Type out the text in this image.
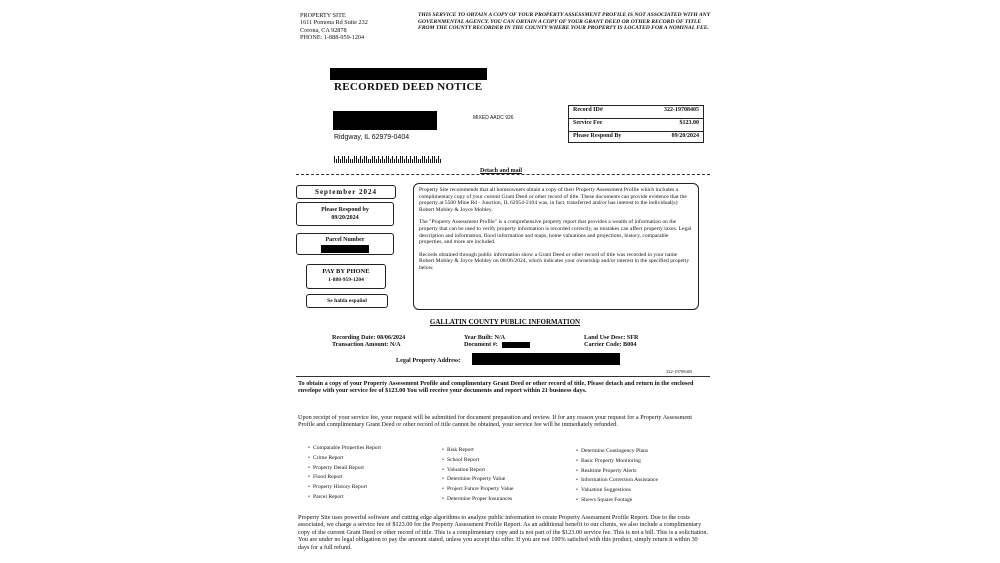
PROPERTY SITE
1611 Pomona Rd Suite 232
Corona, CA 92878
PHONE: 1-888-959-1204
THIS SERVICE TO OBTAIN A COPY OF YOUR PROPERTY ASSESSMENT PROFILE IS NOT ASSOCIATED WITH ANY GOVERNMENTAL AGENCY. YOU CAN OBTAIN A COPY OF YOUR GRANT DEED OR OTHER RECORD OF TITLE FROM THE COUNTY RECORDER IN THE COUNTY WHERE YOUR PROPERTY IS LOCATED FOR A NOMINAL FEE.
RECORDED DEED NOTICE
MIXED AADC 926
Ridgway, IL 62979-0404
Record ID#	322-19708405
Service Fee	$123.00
Please Respond By	09/20/2024
Detach and mail
September 2024
Please Respond by
09/20/2024
Parcel Number
PAY BY PHONE
1-888-959-1204
Se habla español

Property Site recommends that all homeowners obtain a copy of their Property Assessment Profile which includes a complimentary copy of your current Grant Deed or other record of title. These documents can provide evidence that the property at 5500 Mine Rd - Junction, IL 62954-2104 was, in fact, transferred and/or has interest to the individual(s) Robert Mobley & Joyce Mobley.

The "Property Assessment Profile" is a comprehensive property report that provides a wealth of information on the property that can be used to verify property information is recorded correctly, as mistakes can affect property taxes. Legal description and information, flood information and maps, home valuations and projections, history, comparable properties, and more are included.

Records obtained through public information show a Grant Deed or other record of title was recorded in your name Robert Mobley & Joyce Mobley on 08/06/2024, which indicates your ownership and/or interest in the specified property below.

GALLATIN COUNTY PUBLIC INFORMATION
Recording Date: 08/06/2024
Transaction Amount: N/A
Year Built: N/A
Document #:
Land Use Desc: SFR
Carrier Code: B004
Legal Property Address:
322-19708405
To obtain a copy of your Property Assessment Profile and complimentary Grant Deed or other record of title, Please detach and return in the enclosed envelope with your service fee of $123.00 You will receive your documents and report within 21 business days.
Upon receipt of your service fee, your request will be submitted for document preparation and review. If for any reason your request for a Property Assessment Profile and complimentary Grant Deed or other record of title cannot be obtained, your service fee will be immediately refunded.
• Comparable Properties Report
• Crime Report
• Property Detail Report
• Flood Report
• Property History Report
• Parcel Report
• Risk Report
• School Report
• Valuation Report
• Determine Property Value
• Project Future Property Value
• Determine Proper Insurances
• Determine Contingency Plans
• Basic Property Monitoring
• Realtime Property Alerts
• Information Correction Assistance
• Valuation Suggestions
• Shows Square Footage
Property Site uses powerful software and cutting edge algorithms to analyze public information to create Property Assessment Profile Report. Due to the costs associated, we charge a service fee of $123.00 for the Property Assessment Profile Report. As an additional benefit to our clients, we also include a complimentary copy of the current Grant Deed or other record of title. This is a complimentary copy and is not part of the $123.00 service fee. This is not a bill. This is a solicitation. You are under no legal obligation to pay the amount stated, unless you accept this offer. If you are not 100% satisfied with this product, simply return it within 30 days for a full refund.
